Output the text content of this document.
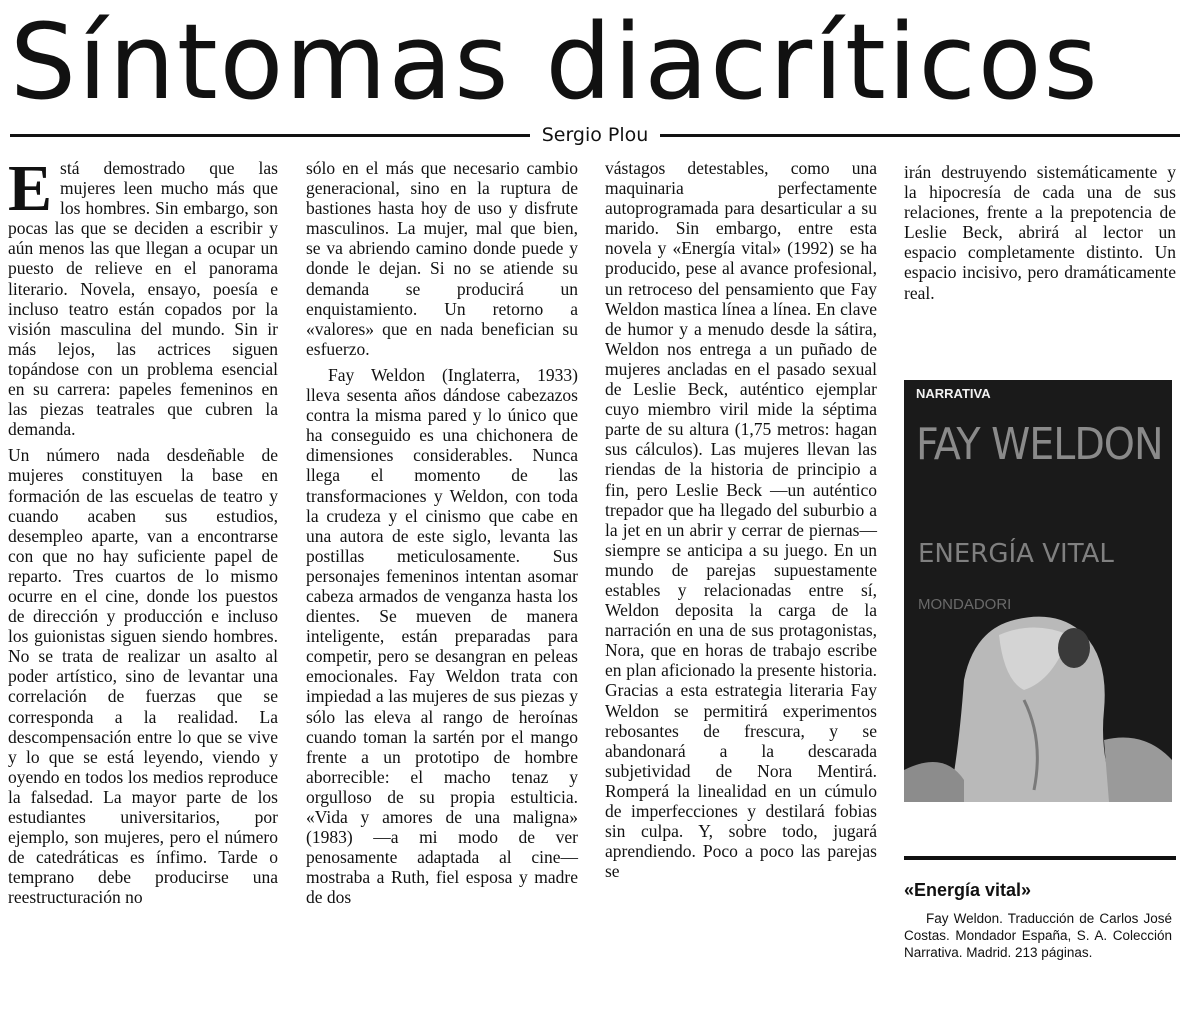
Síntomas diacríticos
Sergio Plou

Está demostrado que las mujeres leen mucho más que los hombres. Sin embargo, son pocas las que se deciden a escribir y aún menos las que llegan a ocupar un puesto de relieve en el panorama literario. Novela, ensayo, poesía e incluso teatro están copados por la visión masculina del mundo. Sin ir más lejos, las actrices siguen topándose con un problema esencial en su carrera: papeles femeninos en las piezas teatrales que cubren la demanda.

Un número nada desdeñable de mujeres constituyen la base en formación de las escuelas de teatro y cuando acaben sus estudios, desempleo aparte, van a encontrarse con que no hay suficiente papel de reparto. Tres cuartos de lo mismo ocurre en el cine, donde los puestos de dirección y producción e incluso los guionistas siguen siendo hombres. No se trata de realizar un asalto al poder artístico, sino de levantar una correlación de fuerzas que se corresponda a la realidad. La descompensación entre lo que se vive y lo que se está leyendo, viendo y oyendo en todos los medios reproduce la falsedad. La mayor parte de los estudiantes universitarios, por ejemplo, son mujeres, pero el número de catedráticas es ínfimo. Tarde o temprano debe producirse una reestructuración no

sólo en el más que necesario cambio generacional, sino en la ruptura de bastiones hasta hoy de uso y disfrute masculinos. La mujer, mal que bien, se va abriendo camino donde puede y donde le dejan. Si no se atiende su demanda se producirá un enquistamiento. Un retorno a «valores» que en nada benefician su esfuerzo.

Fay Weldon (Inglaterra, 1933) lleva sesenta años dándose cabezazos contra la misma pared y lo único que ha conseguido es una chichonera de dimensiones considerables. Nunca llega el momento de las transformaciones y Weldon, con toda la crudeza y el cinismo que cabe en una autora de este siglo, levanta las postillas meticulosamente. Sus personajes femeninos intentan asomar cabeza armados de venganza hasta los dientes. Se mueven de manera inteligente, están preparadas para competir, pero se desangran en peleas emocionales. Fay Weldon trata con impiedad a las mujeres de sus piezas y sólo las eleva al rango de heroínas cuando toman la sartén por el mango frente a un prototipo de hombre aborrecible: el macho tenaz y orgulloso de su propia estulticia. «Vida y amores de una maligna» (1983) —a mi modo de ver penosamente adaptada al cine— mostraba a Ruth, fiel esposa y madre de dos

vástagos detestables, como una maquinaria perfectamente autoprogramada para desarticular a su marido. Sin embargo, entre esta novela y «Energía vital» (1992) se ha producido, pese al avance profesional, un retroceso del pensamiento que Fay Weldon mastica línea a línea. En clave de humor y a menudo desde la sátira, Weldon nos entrega a un puñado de mujeres ancladas en el pasado sexual de Leslie Beck, auténtico ejemplar cuyo miembro viril mide la séptima parte de su altura (1,75 metros: hagan sus cálculos). Las mujeres llevan las riendas de la historia de principio a fin, pero Leslie Beck —un auténtico trepador que ha llegado del suburbio a la jet en un abrir y cerrar de piernas— siempre se anticipa a su juego. En un mundo de parejas supuestamente estables y relacionadas entre sí, Weldon deposita la carga de la narración en una de sus protagonistas, Nora, que en horas de trabajo escribe en plan aficionado la presente historia. Gracias a esta estrategia literaria Fay Weldon se permitirá experimentos rebosantes de frescura, y se abandonará a la descarada subjetividad de Nora Mentirá. Romperá la linealidad en un cúmulo de imperfecciones y destilará fobias sin culpa. Y, sobre todo, jugará aprendiendo. Poco a poco las parejas se

irán destruyendo sistemáticamente y la hipocresía de cada una de sus relaciones, frente a la prepotencia de Leslie Beck, abrirá al lector un espacio completamente distinto. Un espacio incisivo, pero dramáticamente real.

NARRATIVA
FAY WELDON
ENERGÍA VITAL
MONDADORI
«Energía vital»
Fay Weldon. Traducción de Carlos José Costas. Mondador España, S. A. Colección Narrativa. Madrid. 213 páginas.
